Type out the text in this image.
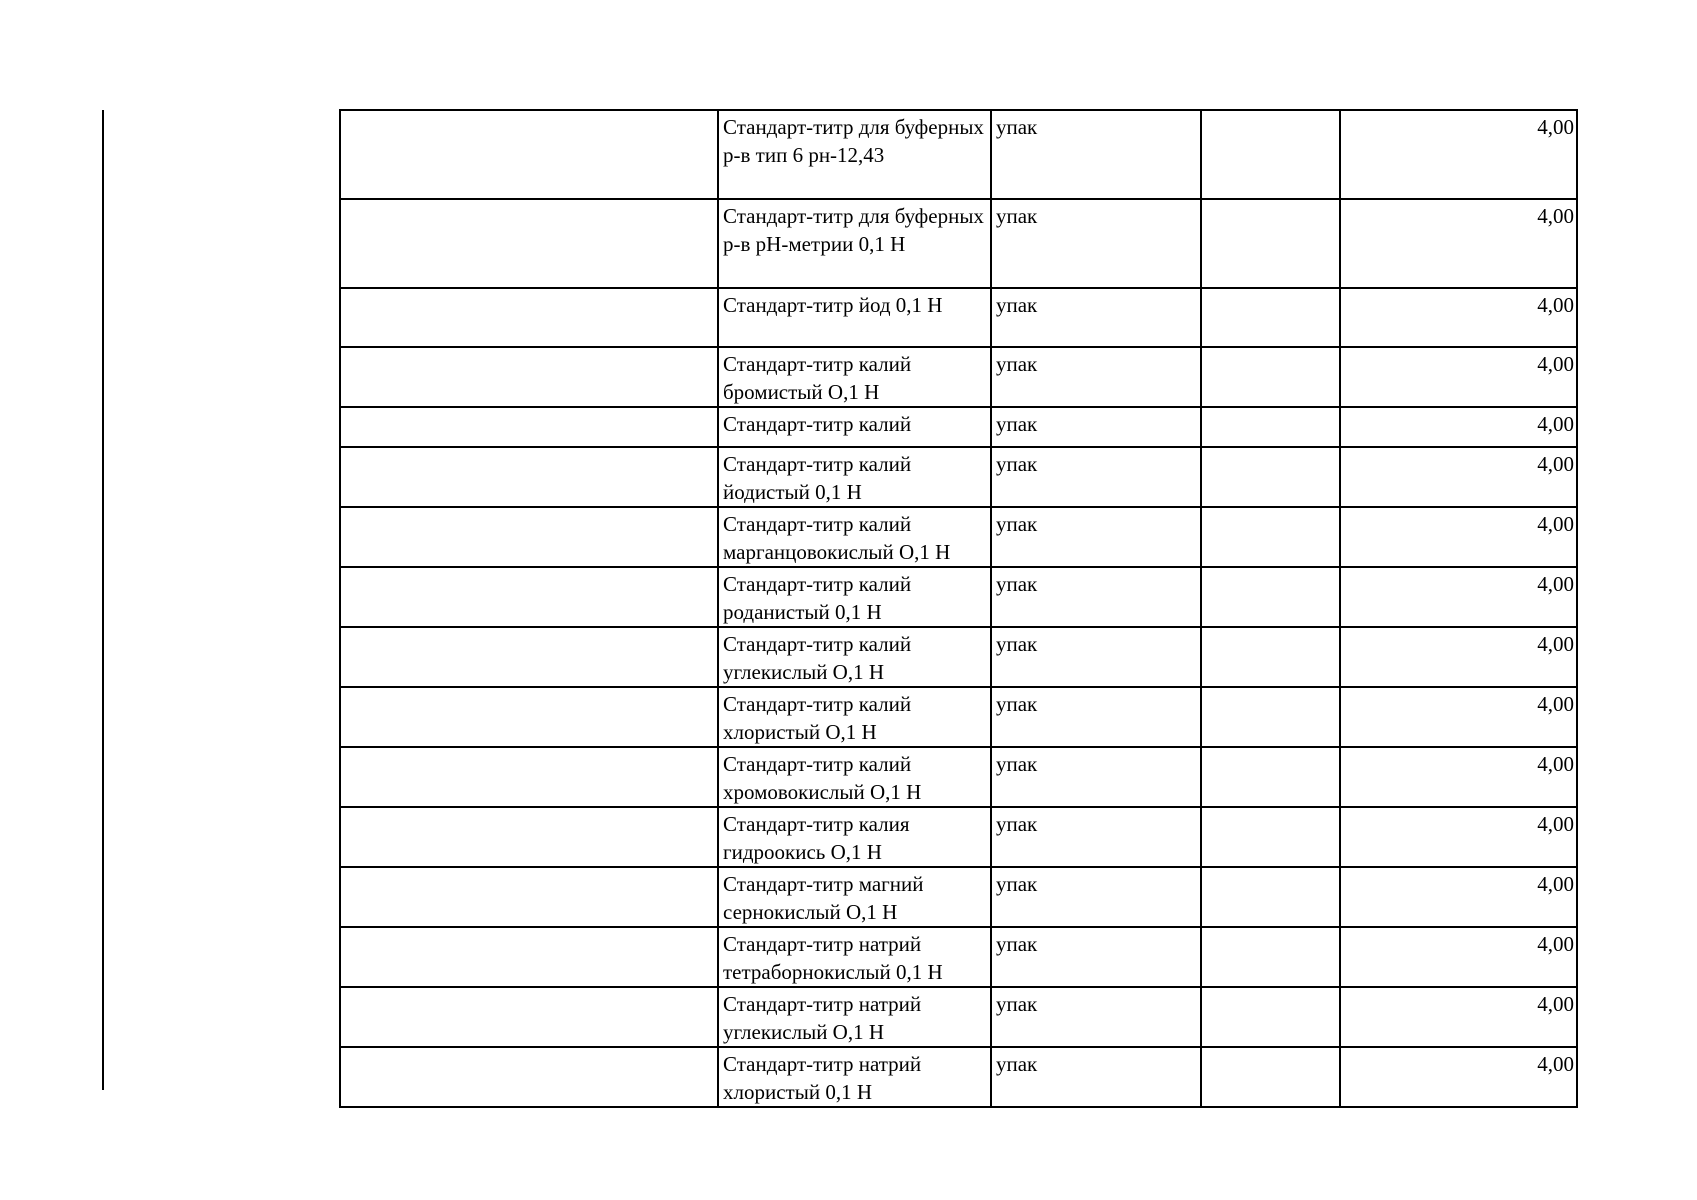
	Стандарт-титр для буферных р-в тип 6 рн-12,43	упак		4,00
	Стандарт-титр для буферных р-в рН-метрии 0,1 Н	упак		4,00
	Стандарт-титр йод 0,1 Н	упак		4,00
	Стандарт-титр калий бромистый О,1 Н	упак		4,00
	Стандарт-титр калий	упак		4,00
	Стандарт-титр калий йодистый 0,1 Н	упак		4,00
	Стандарт-титр калий марганцовокислый О,1 Н	упак		4,00
	Стандарт-титр калий роданистый 0,1 Н	упак		4,00
	Стандарт-титр калий углекислый О,1 Н	упак		4,00
	Стандарт-титр калий хлористый О,1 Н	упак		4,00
	Стандарт-титр калий хромовокислый О,1 Н	упак		4,00
	Стандарт-титр калия гидроокись О,1 Н	упак		4,00
	Стандарт-титр магний сернокислый О,1 Н	упак		4,00
	Стандарт-титр натрий тетраборнокислый 0,1 Н	упак		4,00
	Стандарт-титр натрий углекислый О,1 Н	упак		4,00
	Стандарт-титр натрий хлористый 0,1 Н	упак		4,00
